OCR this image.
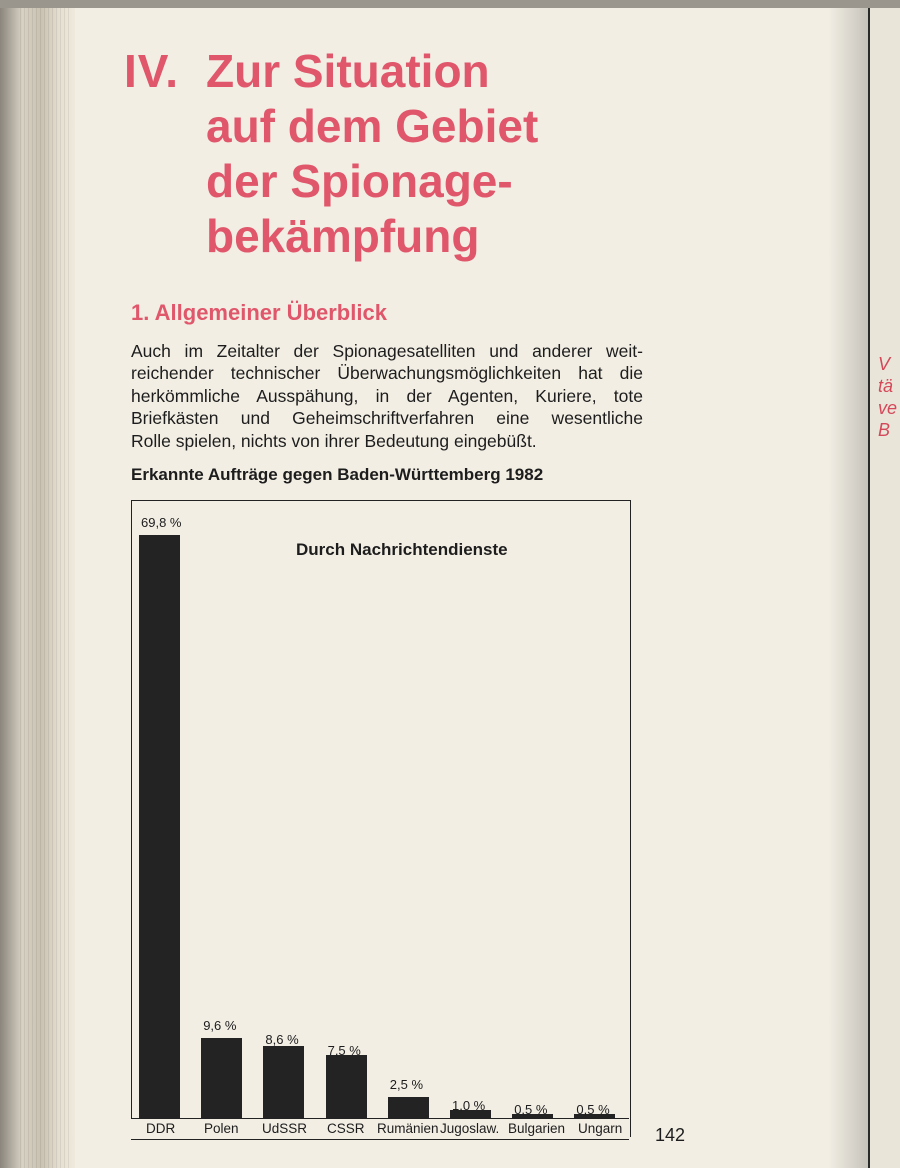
V
tä
ve
B
IV. Zur Situation
auf dem Gebiet
der Spionage-
bekämpfung
1. Allgemeiner Überblick
Auch im Zeitalter der Spionagesatelliten und anderer weit-
reichender technischer Überwachungsmöglichkeiten hat die
herkömmliche Ausspähung, in der Agenten, Kuriere, tote
Briefkästen und Geheimschriftverfahren eine wesentliche
Rolle spielen, nichts von ihrer Bedeutung eingebüßt.
Erkannte Aufträge gegen Baden-Württemberg 1982
Durch Nachrichtendienste
69,8 %
9,6 %
8,6 %
7,5 %
2,5 %
1,0 % 0,5 % 0,5 %
DDR Polen UdSSR CSSR Rumänien Jugoslaw. Bulgarien Ungarn 142
